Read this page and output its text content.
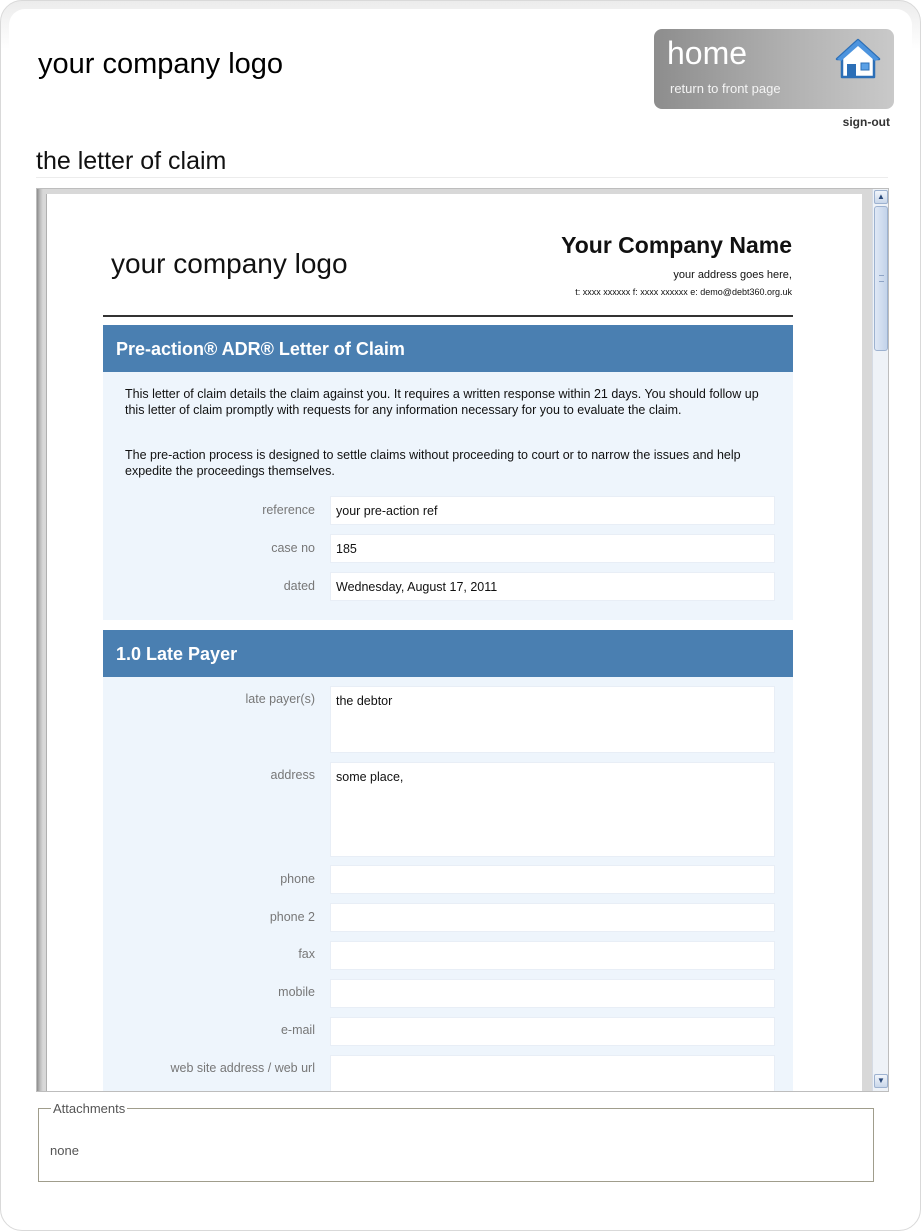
your company logo	home
return to front page
sign-out
the letter of claim
your company logo
Your Company Name
your address goes here,
t: xxxx xxxxxx f: xxxx xxxxxx e: demo@debt360.org.uk
Pre-action® ADR® Letter of Claim
This letter of claim details the claim against you. It requires a written response within 21 days. You should follow up this letter of claim promptly with requests for any information necessary for you to evaluate the claim.
The pre-action process is designed to settle claims without proceeding to court or to narrow the issues and help expedite the proceedings themselves.
reference	your pre-action ref
case no	185
dated	Wednesday, August 17, 2011
1.0 Late Payer
late payer(s)	the debtor
address	some place,
phone
phone 2
fax
mobile
e-mail
web site address / web url
▲
▼
Attachments
none
